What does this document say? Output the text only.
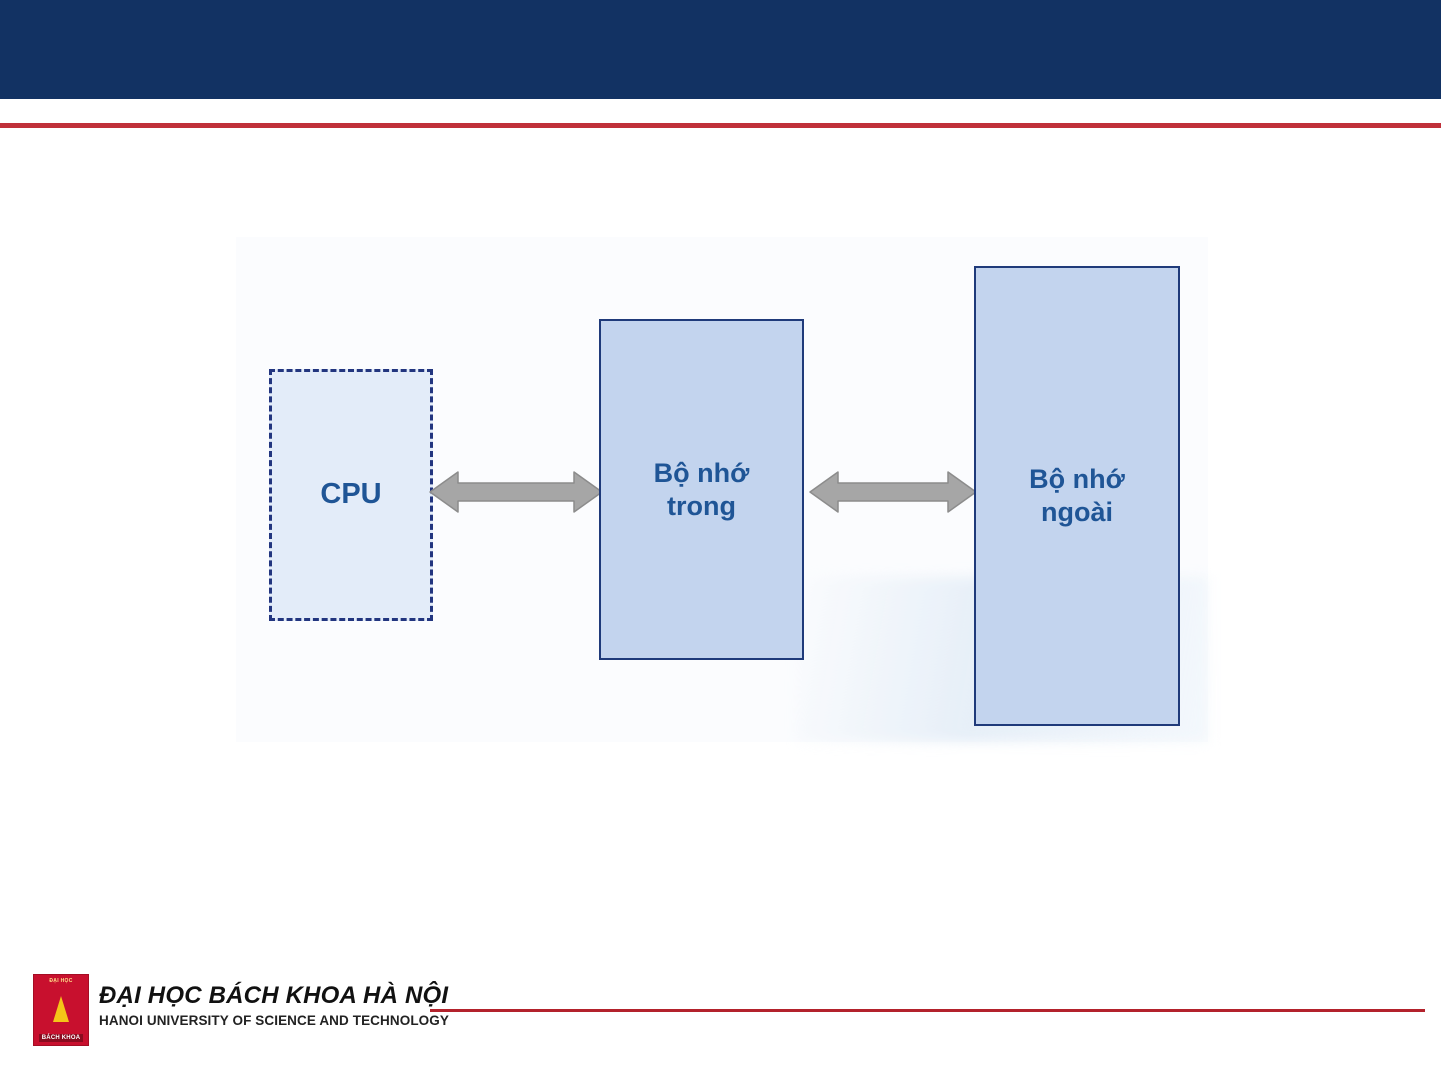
CPU
Bộ nhớ
trong
Bộ nhớ
ngoài
ĐẠI HỌC
BÁCH KHOA
ĐẠI HỌC BÁCH KHOA HÀ NỘI
HANOI UNIVERSITY OF SCIENCE AND TECHNOLOGY
